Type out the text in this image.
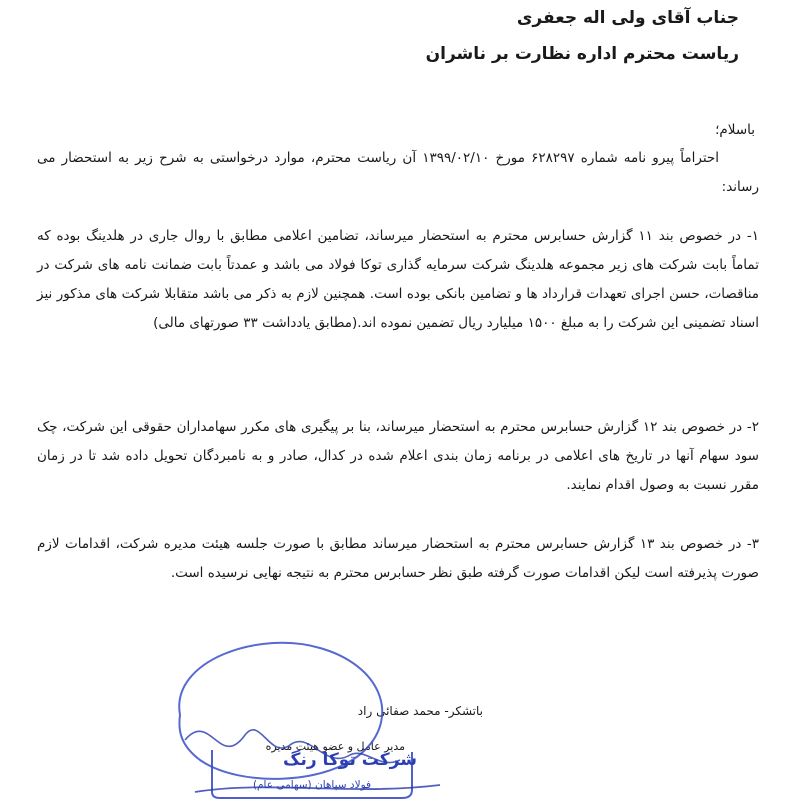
جناب آقای ولی اله جعفری
ریاست محترم اداره نظارت بر ناشران
باسلام؛

احتراماً پیرو نامه شماره ۶۲۸۲۹۷ مورخ ۱۳۹۹/۰۲/۱۰ آن ریاست محترم، موارد درخواستی به شرح زیر به استحضار می رساند:

۱- در خصوص بند ۱۱ گزارش حسابرس محترم به استحضار میرساند، تضامین اعلامی مطابق با روال جاری در هلدینگ بوده که تماماً بابت شرکت های زیر مجموعه هلدینگ شرکت سرمایه گذاری توکا فولاد می باشد و عمدتاً بابت ضمانت نامه های شرکت در مناقصات، حسن اجرای تعهدات قرارداد ها و تضامین بانکی بوده است. همچنین لازم به ذکر می باشد متقابلا شرکت های مذکور نیز اسناد تضمینی این شرکت را به مبلغ ۱۵۰۰ میلیارد ریال تضمین نموده اند.(مطابق یادداشت ۳۳ صورتهای مالی)

۲- در خصوص بند ۱۲ گزارش حسابرس محترم به استحضار میرساند، بنا بر پیگیری های مکرر سهامداران حقوقی این شرکت، چک سود سهام آنها در تاریخ های اعلامی در برنامه زمان بندی اعلام شده در کدال، صادر و به نامبردگان تحویل داده شد تا در زمان مقرر نسبت به وصول اقدام نمایند.

۳- در خصوص بند ۱۳ گزارش حسابرس محترم به استحضار میرساند مطابق با صورت جلسه هیئت مدیره شرکت، اقدامات لازم صورت پذیرفته است لیکن اقدامات صورت گرفته طبق نظر حسابرس محترم به نتیجه نهایی نرسیده است.

باتشکر- محمد صفائی راد
مدیر عامل و عضو هیئت مدیره
شرکت توکا رنگ
فولاد سپاهان (سهامی عام)
